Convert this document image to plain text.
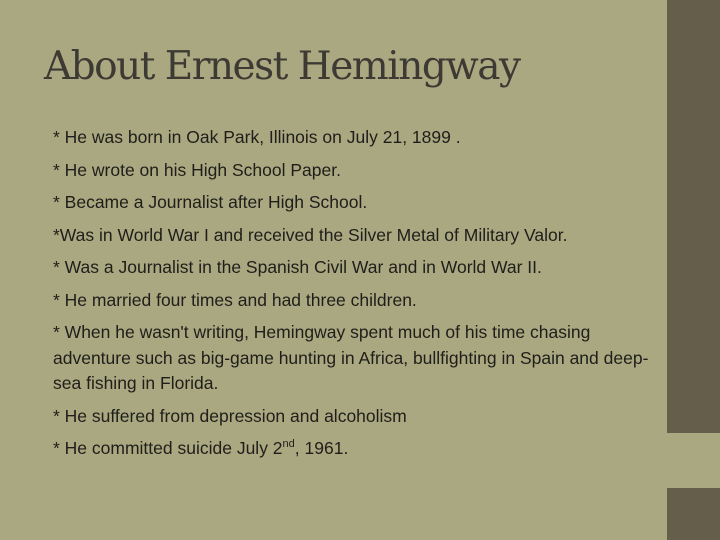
About Ernest Hemingway
* He was born in Oak Park, Illinois on July 21, 1899 .
* He wrote on his High School Paper.
* Became a Journalist after High School.
*Was in World War I and received the Silver Metal of Military Valor.
* Was a Journalist in the Spanish Civil War and in World War II.
* He married four times and had three children.
* When he wasn't writing, Hemingway spent much of his time chasing adventure such as big-game hunting in Africa, bullfighting in Spain and deep-sea fishing in Florida.
* He suffered from depression and alcoholism
* He committed suicide July 2nd, 1961.
